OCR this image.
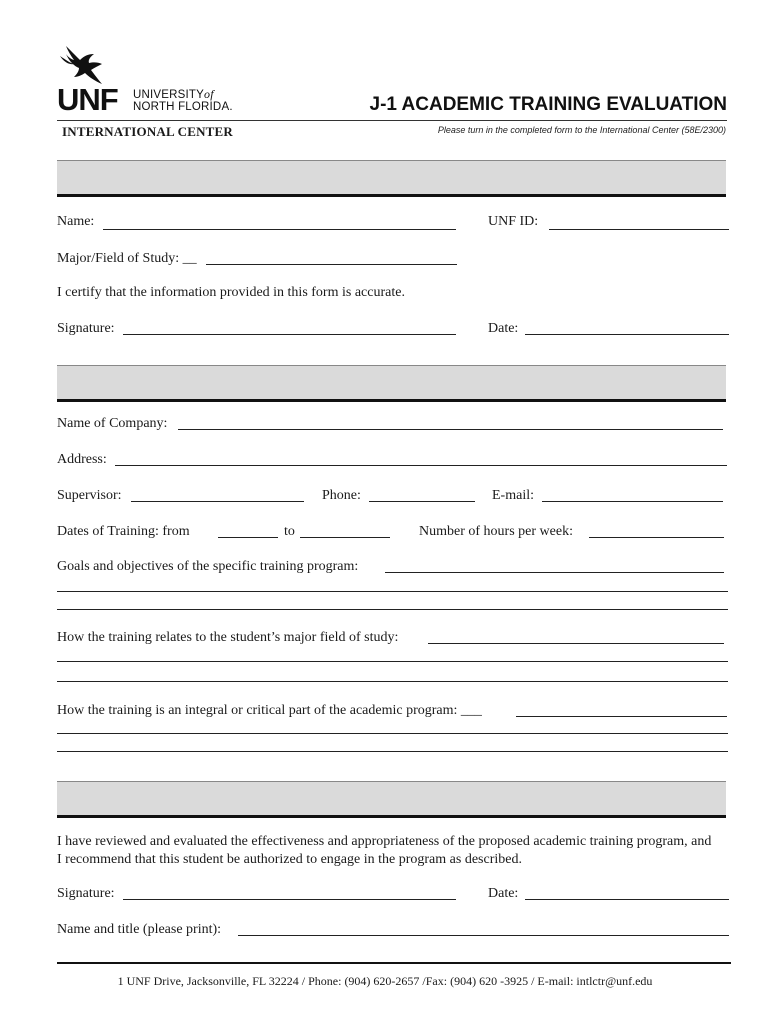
UNF UNIVERSITYof
NORTH FLORIDA.
INTERNATIONAL CENTER
J-1 ACADEMIC TRAINING EVALUATION
Please turn in the completed form to the International Center (58E/2300)
Name:	UNF ID:
Major/Field of Study: __
I certify that the information provided in this form is accurate.
Signature:	Date:
Name of Company:
Address:
Supervisor:	Phone:	E-mail:
Dates of Training: from	to	Number of hours per week:
Goals and objectives of the specific training program:
How the training relates to the student’s major field of study:
How the training is an integral or critical part of the academic program: ___
I have reviewed and evaluated the effectiveness and appropriateness of the proposed academic training program, and I recommend that this student be authorized to engage in the program as described.
Signature:	Date:
Name and title (please print):
1 UNF Drive, Jacksonville, FL 32224 / Phone: (904) 620-2657 /Fax: (904) 620 -3925 / E-mail: intlctr@unf.edu
